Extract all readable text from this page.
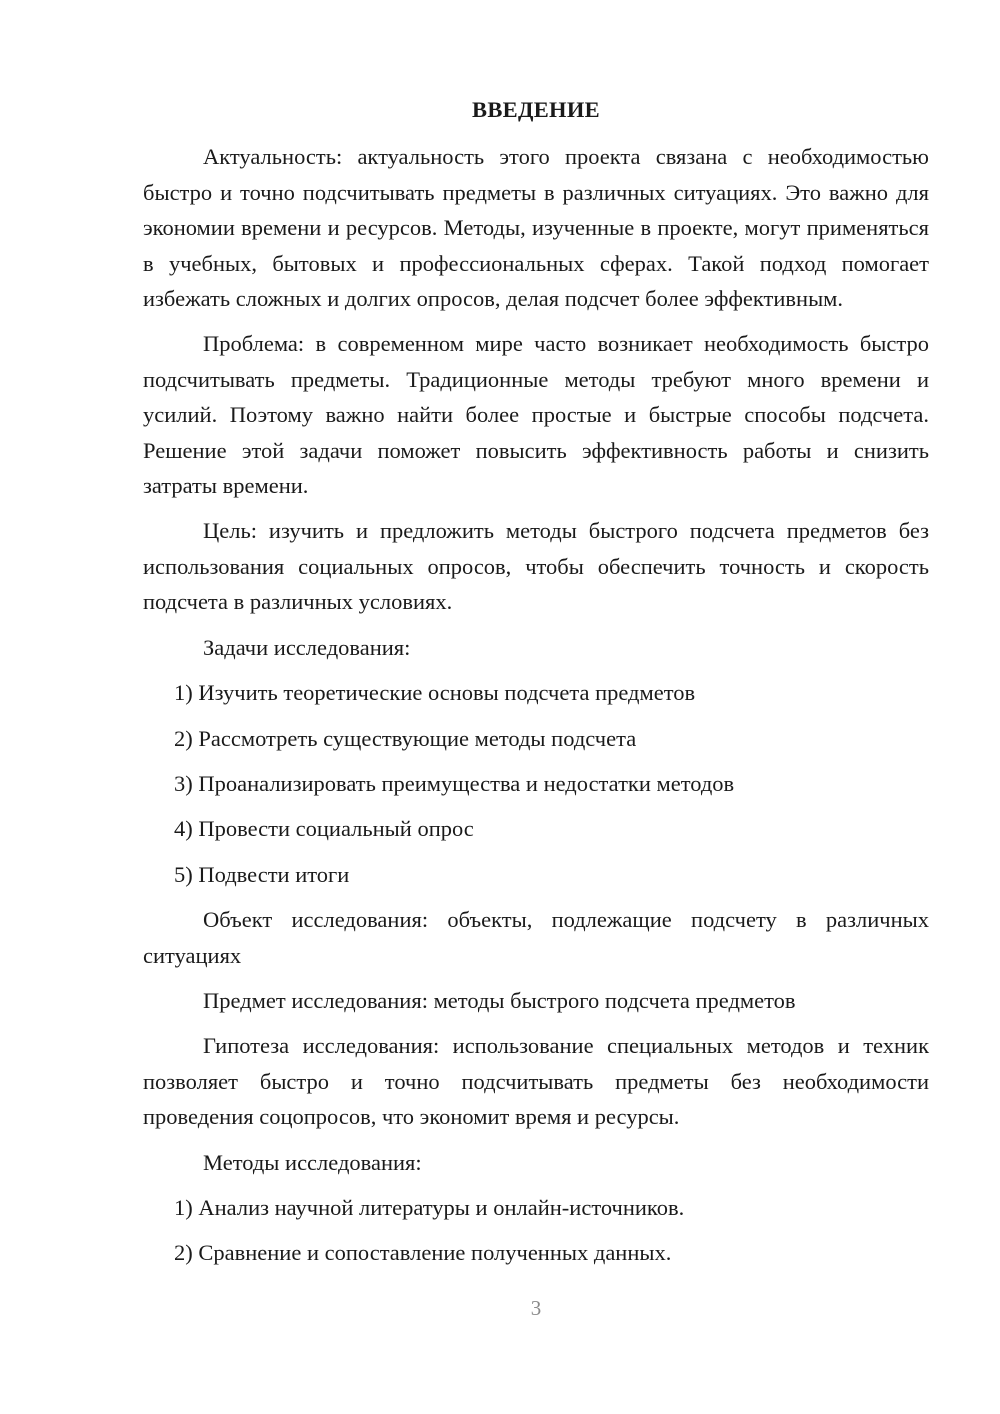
ВВЕДЕНИЕ

Актуальность: актуальность этого проекта связана с необходимостью быстро и точно подсчитывать предметы в различных ситуациях. Это важно для экономии времени и ресурсов. Методы, изученные в проекте, могут применяться в учебных, бытовых и профессиональных сферах. Такой подход помогает избежать сложных и долгих опросов, делая подсчет более эффективным.

Проблема: в современном мире часто возникает необходимость быстро подсчитывать предметы. Традиционные методы требуют много времени и усилий. Поэтому важно найти более простые и быстрые способы подсчета. Решение этой задачи поможет повысить эффективность работы и снизить затраты времени.

Цель: изучить и предложить методы быстрого подсчета предметов без использования социальных опросов, чтобы обеспечить точность и скорость подсчета в различных условиях.

Задачи исследования:

1) Изучить теоретические основы подсчета предметов

2) Рассмотреть существующие методы подсчета

3) Проанализировать преимущества и недостатки методов

4) Провести социальный опрос

5) Подвести итоги

Объект исследования: объекты, подлежащие подсчету в различных ситуациях

Предмет исследования: методы быстрого подсчета предметов

Гипотеза исследования: использование специальных методов и техник позволяет быстро и точно подсчитывать предметы без необходимости проведения соцопросов, что экономит время и ресурсы.

Методы исследования:

1) Анализ научной литературы и онлайн-источников.

2) Сравнение и сопоставление полученных данных.

3
